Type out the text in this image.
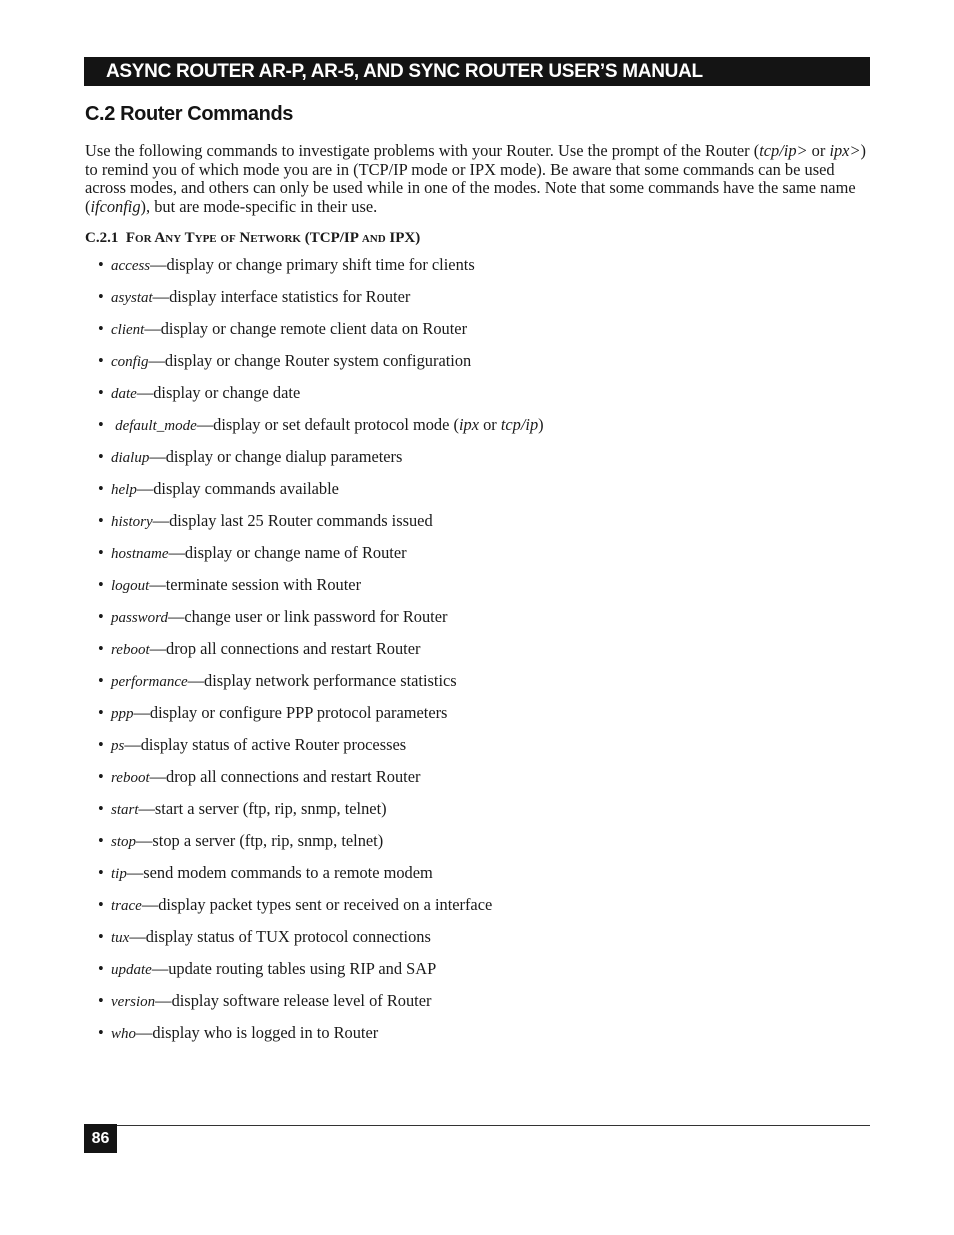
ASYNC ROUTER AR-P, AR-5, AND SYNC ROUTER USER’S MANUAL
C.2 Router Commands

Use the following commands to investigate problems with your Router. Use the prompt of the Router (tcp/ip> or ipx>) to remind you of which mode you are in (TCP/IP mode or IPX mode). Be aware that some commands can be used across modes, and others can only be used while in one of the modes. Note that some commands have the same name (ifconfig), but are mode-specific in their use.

C.2.1 For Any Type of Network (TCP/IP and IPX)
• access—display or change primary shift time for clients
• asystat—display interface statistics for Router
• client—display or change remote client data on Router
• config—display or change Router system configuration
• date—display or change date
• default_mode—display or set default protocol mode (ipx or tcp/ip)
• dialup—display or change dialup parameters
• help—display commands available
• history—display last 25 Router commands issued
• hostname—display or change name of Router
• logout—terminate session with Router
• password—change user or link password for Router
• reboot—drop all connections and restart Router
• performance—display network performance statistics
• ppp—display or configure PPP protocol parameters
• ps—display status of active Router processes
• reboot—drop all connections and restart Router
• start—start a server (ftp, rip, snmp, telnet)
• stop—stop a server (ftp, rip, snmp, telnet)
• tip—send modem commands to a remote modem
• trace—display packet types sent or received on a interface
• tux—display status of TUX protocol connections
• update—update routing tables using RIP and SAP
• version—display software release level of Router
• who—display who is logged in to Router
86
